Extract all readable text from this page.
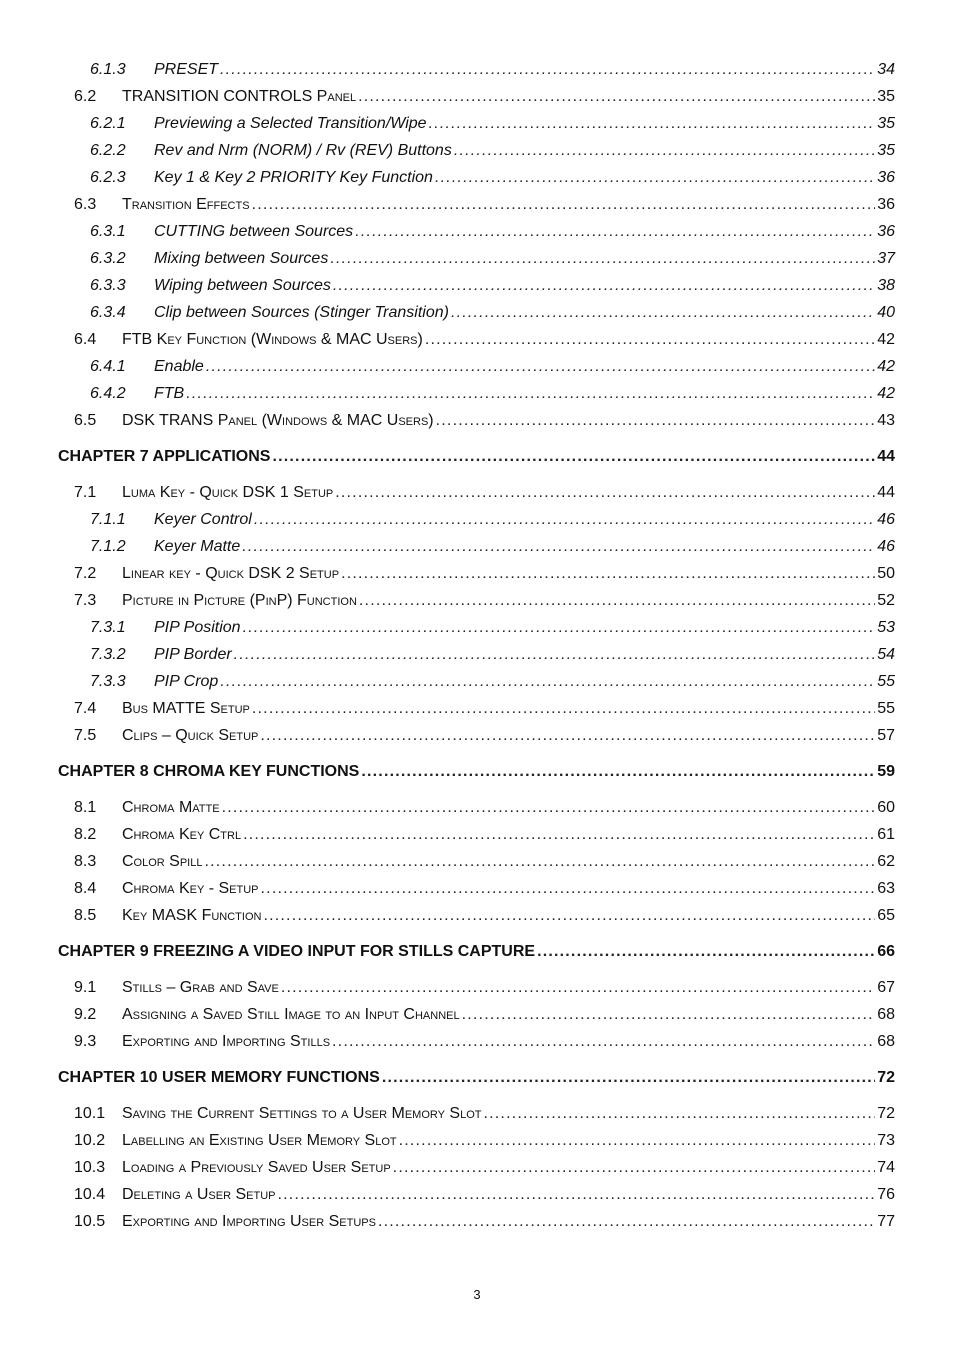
6.1.3 PRESET .....	34
6.2 TRANSITION CONTROLS Panel .....	35
6.2.1 Previewing a Selected Transition/Wipe .....	35
6.2.2 Rev and Nrm (NORM) / Rv (REV) Buttons .....	35
6.2.3 Key 1 & Key 2 PRIORITY Key Function .....	36
6.3 Transition Effects .....	36
6.3.1 CUTTING between Sources .....	36
6.3.2 Mixing between Sources .....	37
6.3.3 Wiping between Sources .....	38
6.3.4 Clip between Sources (Stinger Transition) .....	40
6.4 FTB Key Function (Windows & MAC Users) .....	42
6.4.1 Enable .....	42
6.4.2 FTB .....	42
6.5 DSK TRANS Panel (Windows & MAC Users) .....	43
CHAPTER 7 APPLICATIONS .....	44
7.1 Luma Key - Quick DSK 1 Setup .....	44
7.1.1 Keyer Control .....	46
7.1.2 Keyer Matte .....	46
7.2 Linear key - Quick DSK 2 Setup .....	50
7.3 Picture in Picture (PinP) Function .....	52
7.3.1 PIP Position .....	53
7.3.2 PIP Border .....	54
7.3.3 PIP Crop .....	55
7.4 Bus MATTE Setup .....	55
7.5 Clips – Quick Setup .....	57
CHAPTER 8 CHROMA KEY FUNCTIONS .....	59
8.1 Chroma Matte .....	60
8.2 Chroma Key Ctrl .....	61
8.3 Color Spill .....	62
8.4 Chroma Key - Setup .....	63
8.5 Key MASK Function .....	65
CHAPTER 9 FREEZING A VIDEO INPUT FOR STILLS CAPTURE .....	66
9.1 Stills – Grab and Save .....	67
9.2 Assigning a Saved Still Image to an Input Channel .....	68
9.3 Exporting and Importing Stills .....	68
CHAPTER 10 USER MEMORY FUNCTIONS .....	72
10.1 Saving the Current Settings to a User Memory Slot .....	72
10.2 Labelling an Existing User Memory Slot .....	73
10.3 Loading a Previously Saved User Setup .....	74
10.4 Deleting a User Setup .....	76
10.5 Exporting and Importing User Setups .....	77
3
